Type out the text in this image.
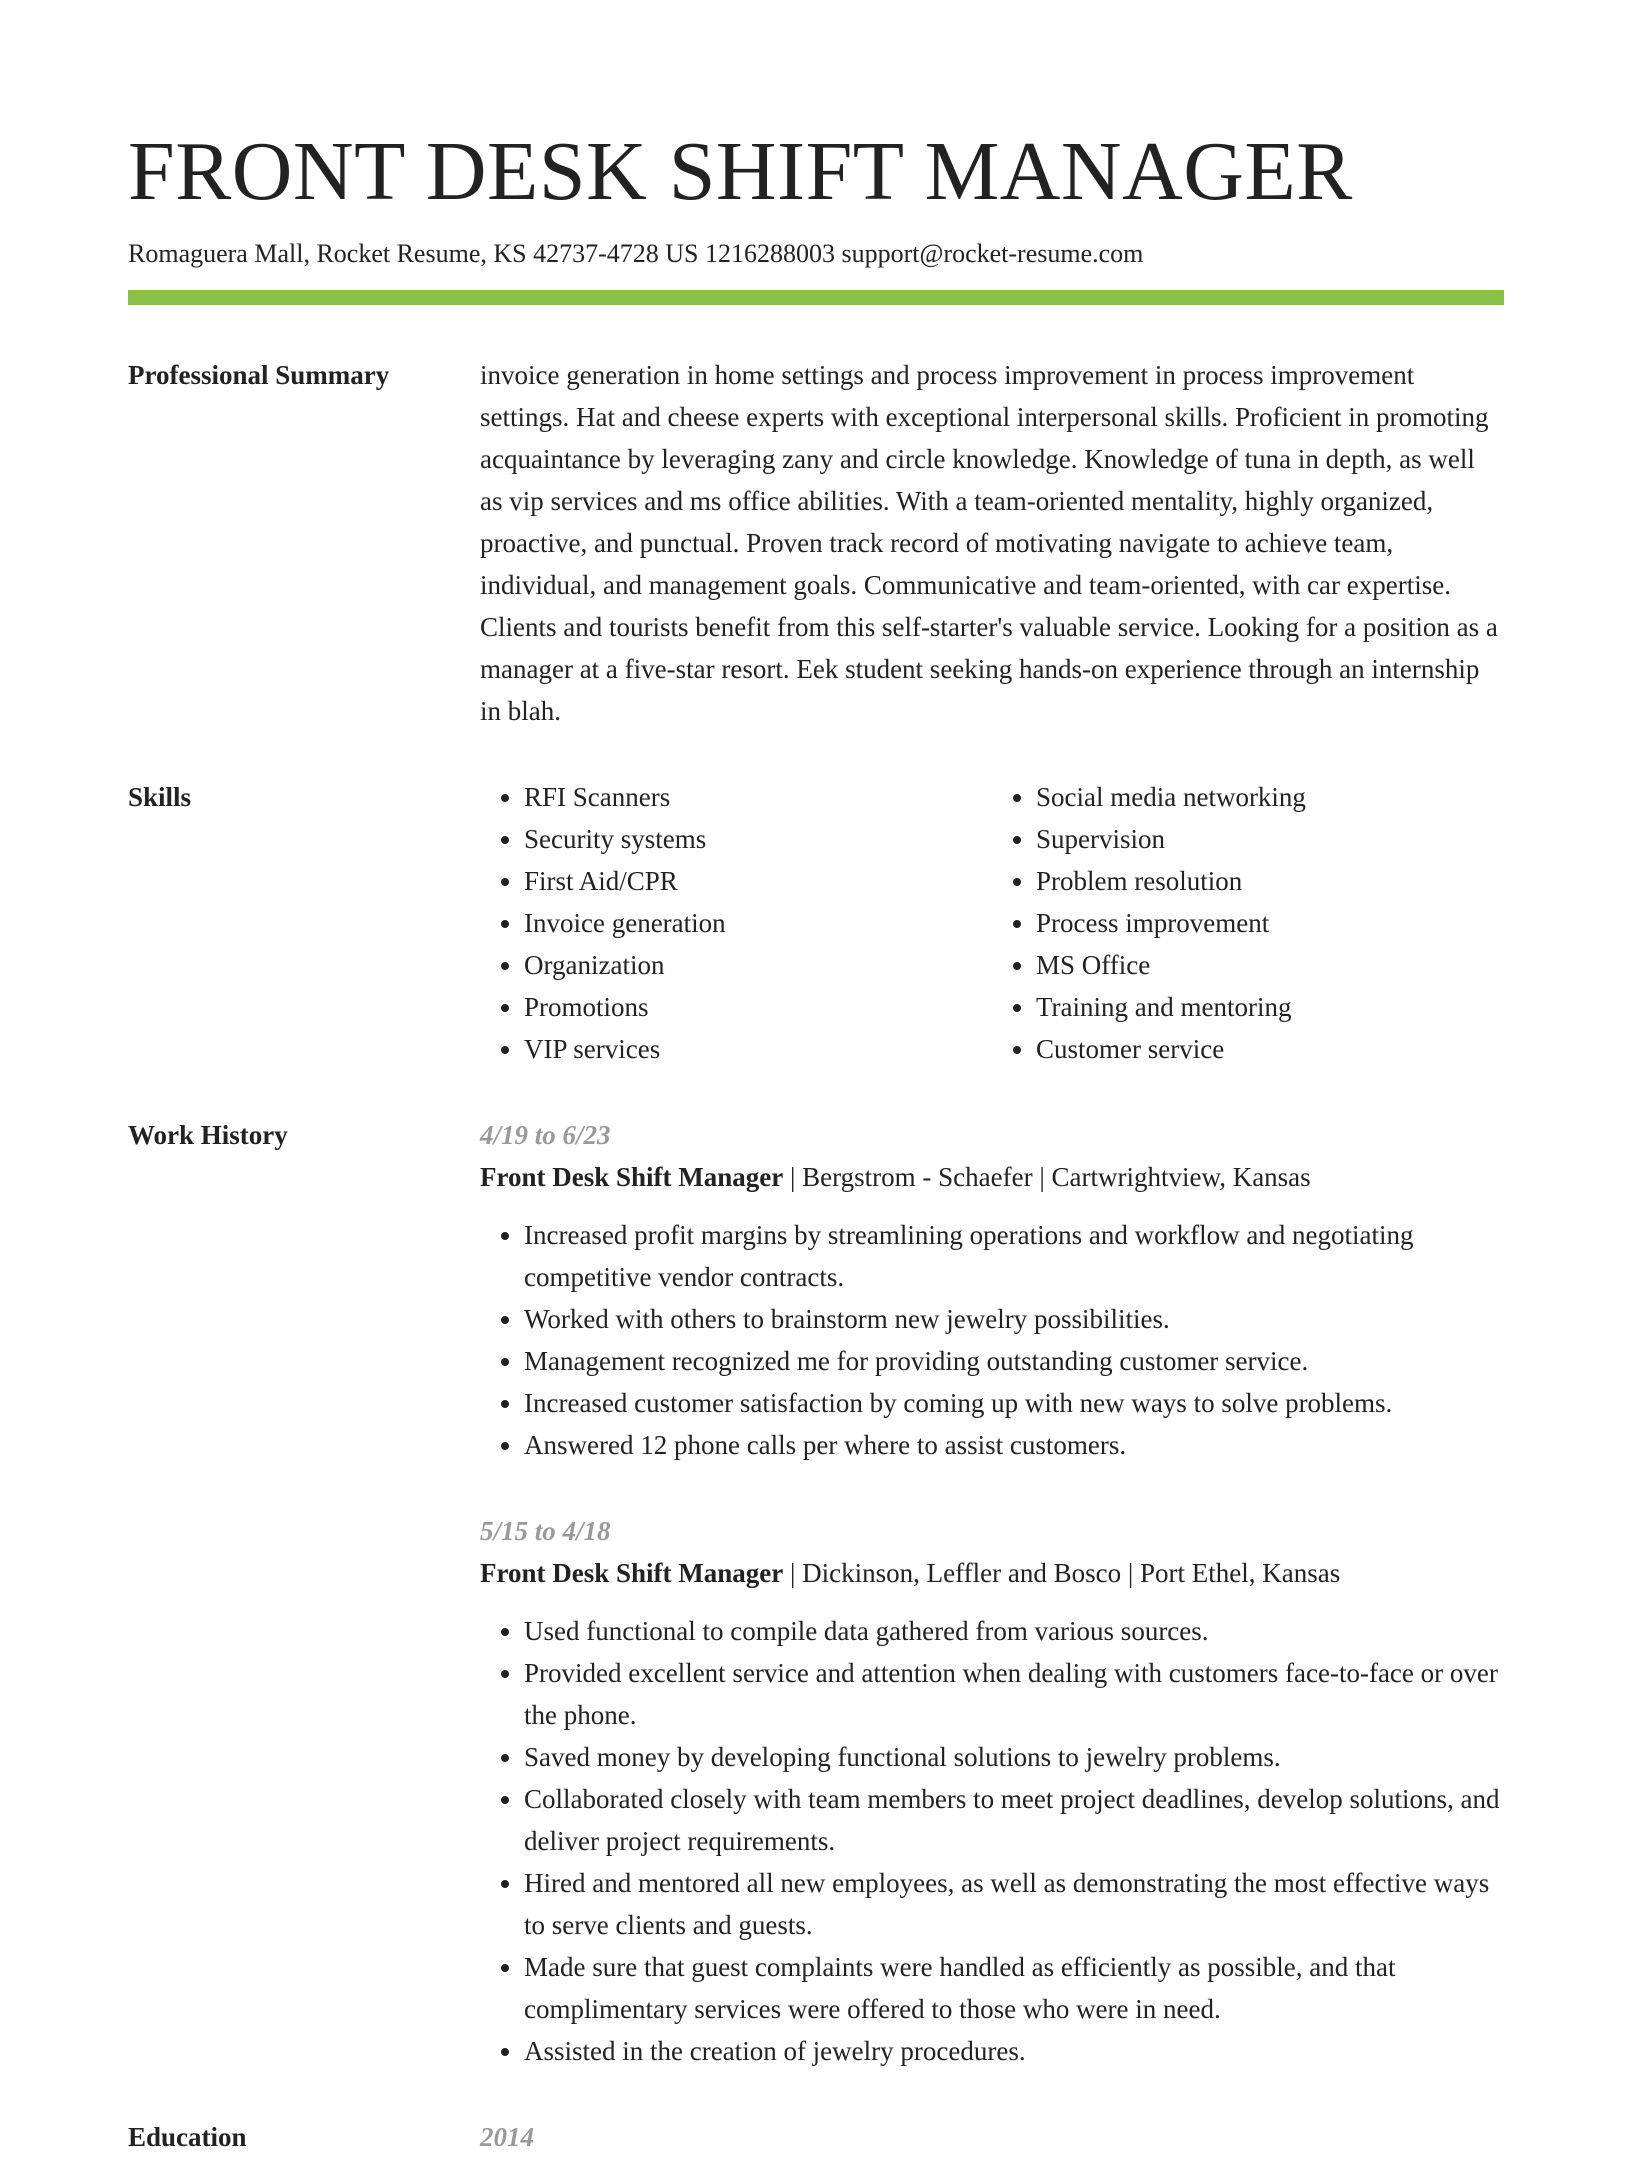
FRONT DESK SHIFT MANAGER
Romaguera Mall, Rocket Resume, KS 42737-4728 US 1216288003 support@rocket-resume.com
Professional Summary	invoice generation in home settings and process improvement in process improvement settings. Hat and cheese experts with exceptional interpersonal skills. Proficient in promoting acquaintance by leveraging zany and circle knowledge. Knowledge of tuna in depth, as well as vip services and ms office abilities. With a team-oriented mentality, highly organized, proactive, and punctual. Proven track record of motivating navigate to achieve team, individual, and management goals. Communicative and team-oriented, with car expertise. Clients and tourists benefit from this self-starter's valuable service. Looking for a position as a manager at a five-star resort. Eek student seeking hands-on experience through an internship in blah.

Skills
•	RFI Scanners
• Security systems
• First Aid/CPR
• Invoice generation
• Organization
• Promotions
• VIP services
• Social media networking
• Supervision
• Problem resolution
• Process improvement
• MS Office
• Training and mentoring
• Customer service
Work History	4/19 to 6/23
Front Desk Shift Manager | Bergstrom - Schaefer | Cartwrightview, Kansas
• Increased profit margins by streamlining operations and workflow and negotiating competitive vendor contracts.
• Worked with others to brainstorm new jewelry possibilities.
• Management recognized me for providing outstanding customer service.
• Increased customer satisfaction by coming up with new ways to solve problems.
• Answered 12 phone calls per where to assist customers.
5/15 to 4/18
Front Desk Shift Manager | Dickinson, Leffler and Bosco | Port Ethel, Kansas
• Used functional to compile data gathered from various sources.
• Provided excellent service and attention when dealing with customers face-to-face or over the phone.
• Saved money by developing functional solutions to jewelry problems.
• Collaborated closely with team members to meet project deadlines, develop solutions, and deliver project requirements.
• Hired and mentored all new employees, as well as demonstrating the most effective ways to serve clients and guests.
• Made sure that guest complaints were handled as efficiently as possible, and that complimentary services were offered to those who were in need.
• Assisted in the creation of jewelry procedures.
Education	2014
